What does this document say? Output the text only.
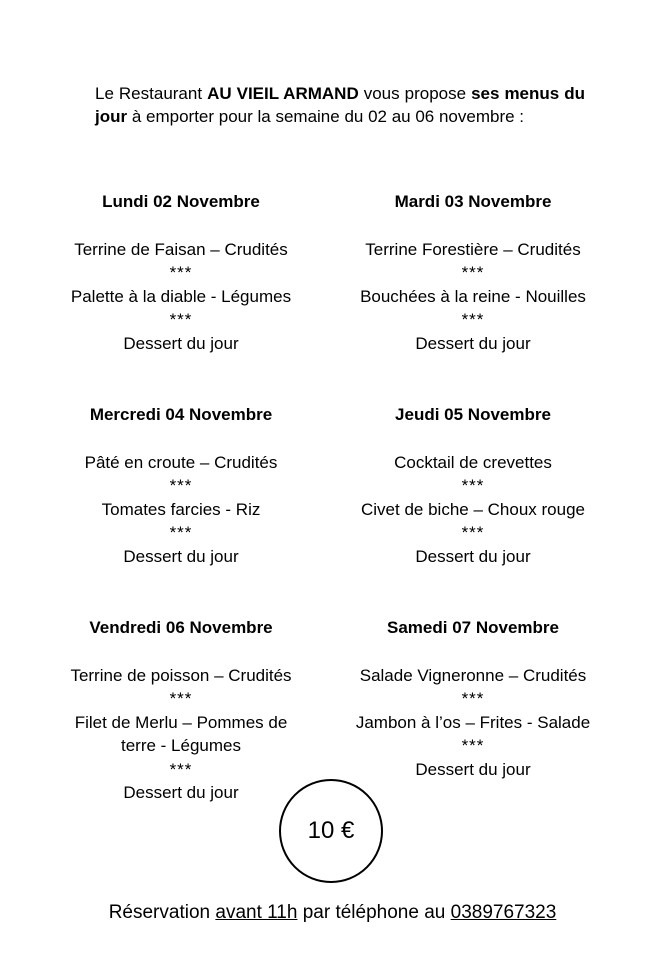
Le Restaurant AU VIEIL ARMAND vous propose ses menus du jour à emporter pour la semaine du 02 au 06 novembre :
Lundi 02 Novembre
Terrine de Faisan – Crudités
***
Palette à la diable - Légumes
***
Dessert du jour
Mardi 03 Novembre
Terrine Forestière – Crudités
***
Bouchées à la reine - Nouilles
***
Dessert du jour
Mercredi 04 Novembre
Pâté en croute – Crudités
***
Tomates farcies - Riz
***
Dessert du jour
Jeudi 05 Novembre
Cocktail de crevettes
***
Civet de biche – Choux rouge
***
Dessert du jour
Vendredi 06 Novembre
Terrine de poisson – Crudités
***
Filet de Merlu – Pommes de terre - Légumes
***
Dessert du jour
Samedi 07 Novembre
Salade Vigneronne – Crudités
***
Jambon à l’os – Frites - Salade
***
Dessert du jour
10 €
Réservation avant 11h par téléphone au 0389767323
